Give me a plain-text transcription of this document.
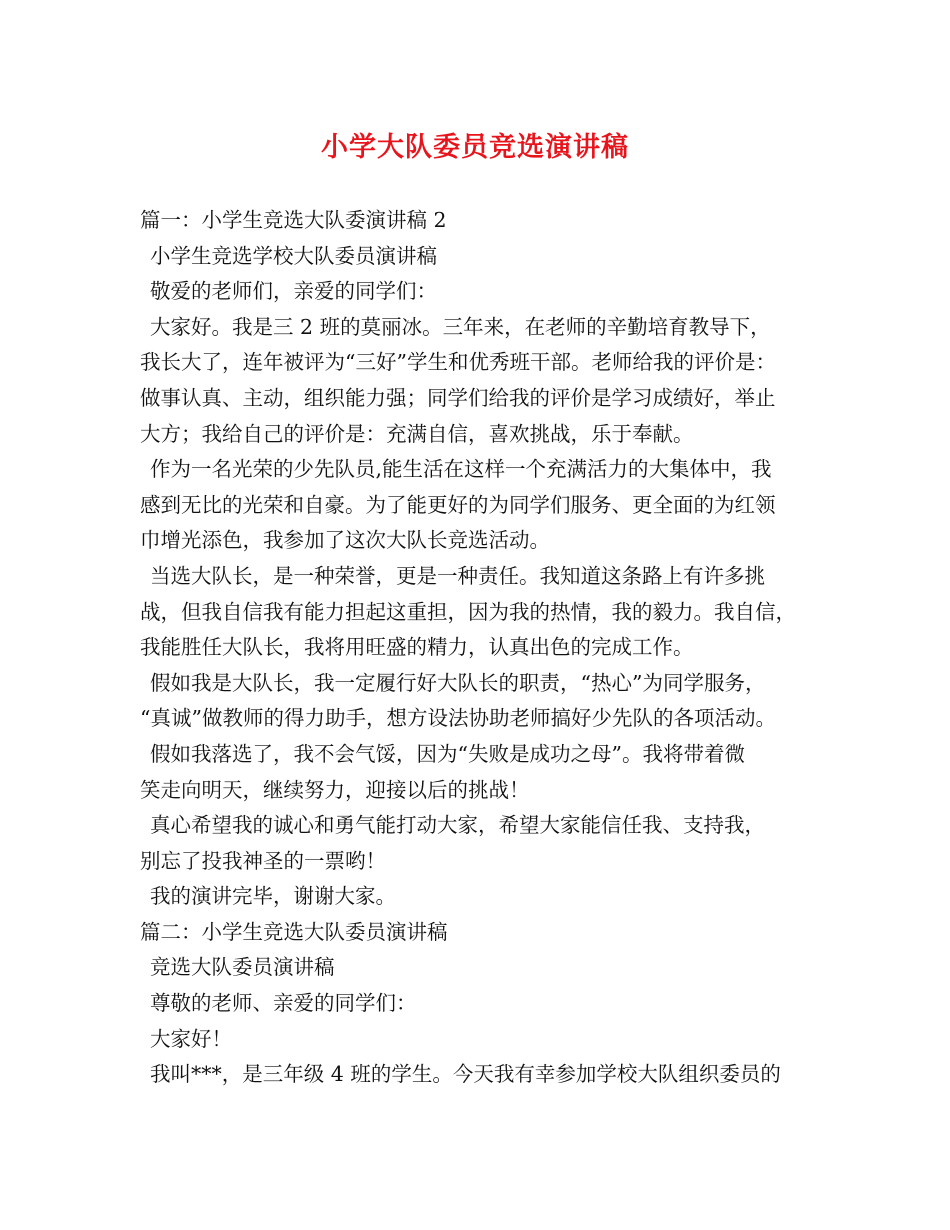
小学大队委员竞选演讲稿
篇一：小学生竞选大队委演讲稿 2
小学生竞选学校大队委员演讲稿
敬爱的老师们，亲爱的同学们：
大家好。我是三 2 班的莫丽冰。三年来，在老师的辛勤培育教导下，
我长大了，连年被评为“三好”学生和优秀班干部。老师给我的评价是：
做事认真、主动，组织能力强；同学们给我的评价是学习成绩好，举止
大方；我给自己的评价是：充满自信，喜欢挑战，乐于奉献。
作为一名光荣的少先队员,能生活在这样一个充满活力的大集体中，我
感到无比的光荣和自豪。为了能更好的为同学们服务、更全面的为红领
巾增光添色，我参加了这次大队长竞选活动。
当选大队长，是一种荣誉，更是一种责任。我知道这条路上有许多挑
战，但我自信我有能力担起这重担，因为我的热情，我的毅力。我自信，
我能胜任大队长，我将用旺盛的精力，认真出色的完成工作。
假如我是大队长，我一定履行好大队长的职责，“热心”为同学服务，
“真诚”做教师的得力助手，想方设法协助老师搞好少先队的各项活动。
假如我落选了，我不会气馁，因为“失败是成功之母”。我将带着微
笑走向明天，继续努力，迎接以后的挑战！
真心希望我的诚心和勇气能打动大家，希望大家能信任我、支持我，
别忘了投我神圣的一票哟！
我的演讲完毕，谢谢大家。
篇二：小学生竞选大队委员演讲稿
竞选大队委员演讲稿
尊敬的老师、亲爱的同学们：
大家好！
我叫***，是三年级 4 班的学生。今天我有幸参加学校大队组织委员的
